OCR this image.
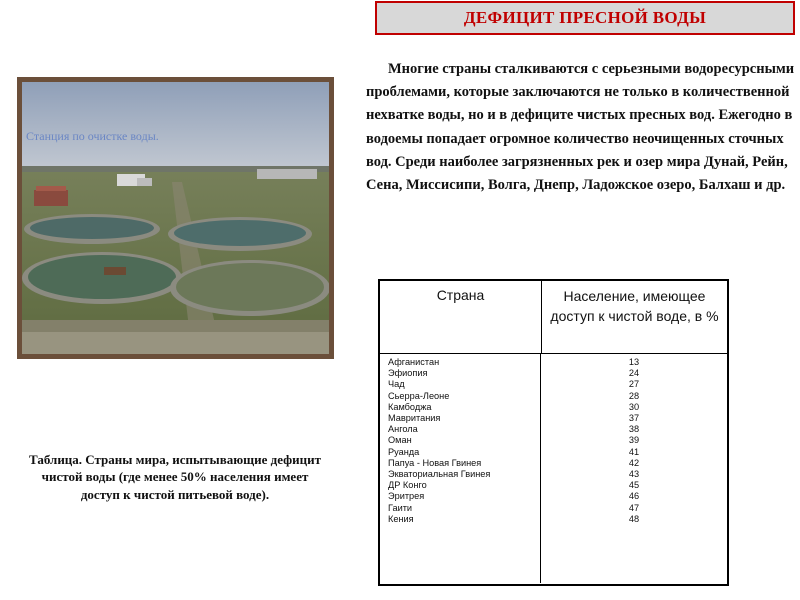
ДЕФИЦИТ ПРЕСНОЙ ВОДЫ

Многие страны сталкиваются с серьезными водоресурсными проблемами, которые заключаются не только в количественной нехватке воды, но и в дефиците чистых пресных вод. Ежегодно в водоемы попадает огромное количество неочищенных сточных вод. Среди наиболее загрязненных рек и озер мира Дунай, Рейн, Сена, Миссисипи, Волга, Днепр, Ладожское озеро, Балхаш и др.

Станция по очистке воды.
Страна	Население, имеющее доступ к чистой воде, в %
Афганистан
Эфиопия
Чад
Сьерра-Леоне
Камбоджа
Мавритания
Ангола
Оман
Руанда
Папуа - Новая Гвинея
Экваториальная Гвинея
ДР Конго
Эритрея
Гаити
Кения
13
24
27
28
30
37
38
39
41
42
43
45
46
47
48
Таблица. Страны мира, испытывающие дефицит чистой воды (где менее 50% населения имеет доступ к чистой питьевой воде).
